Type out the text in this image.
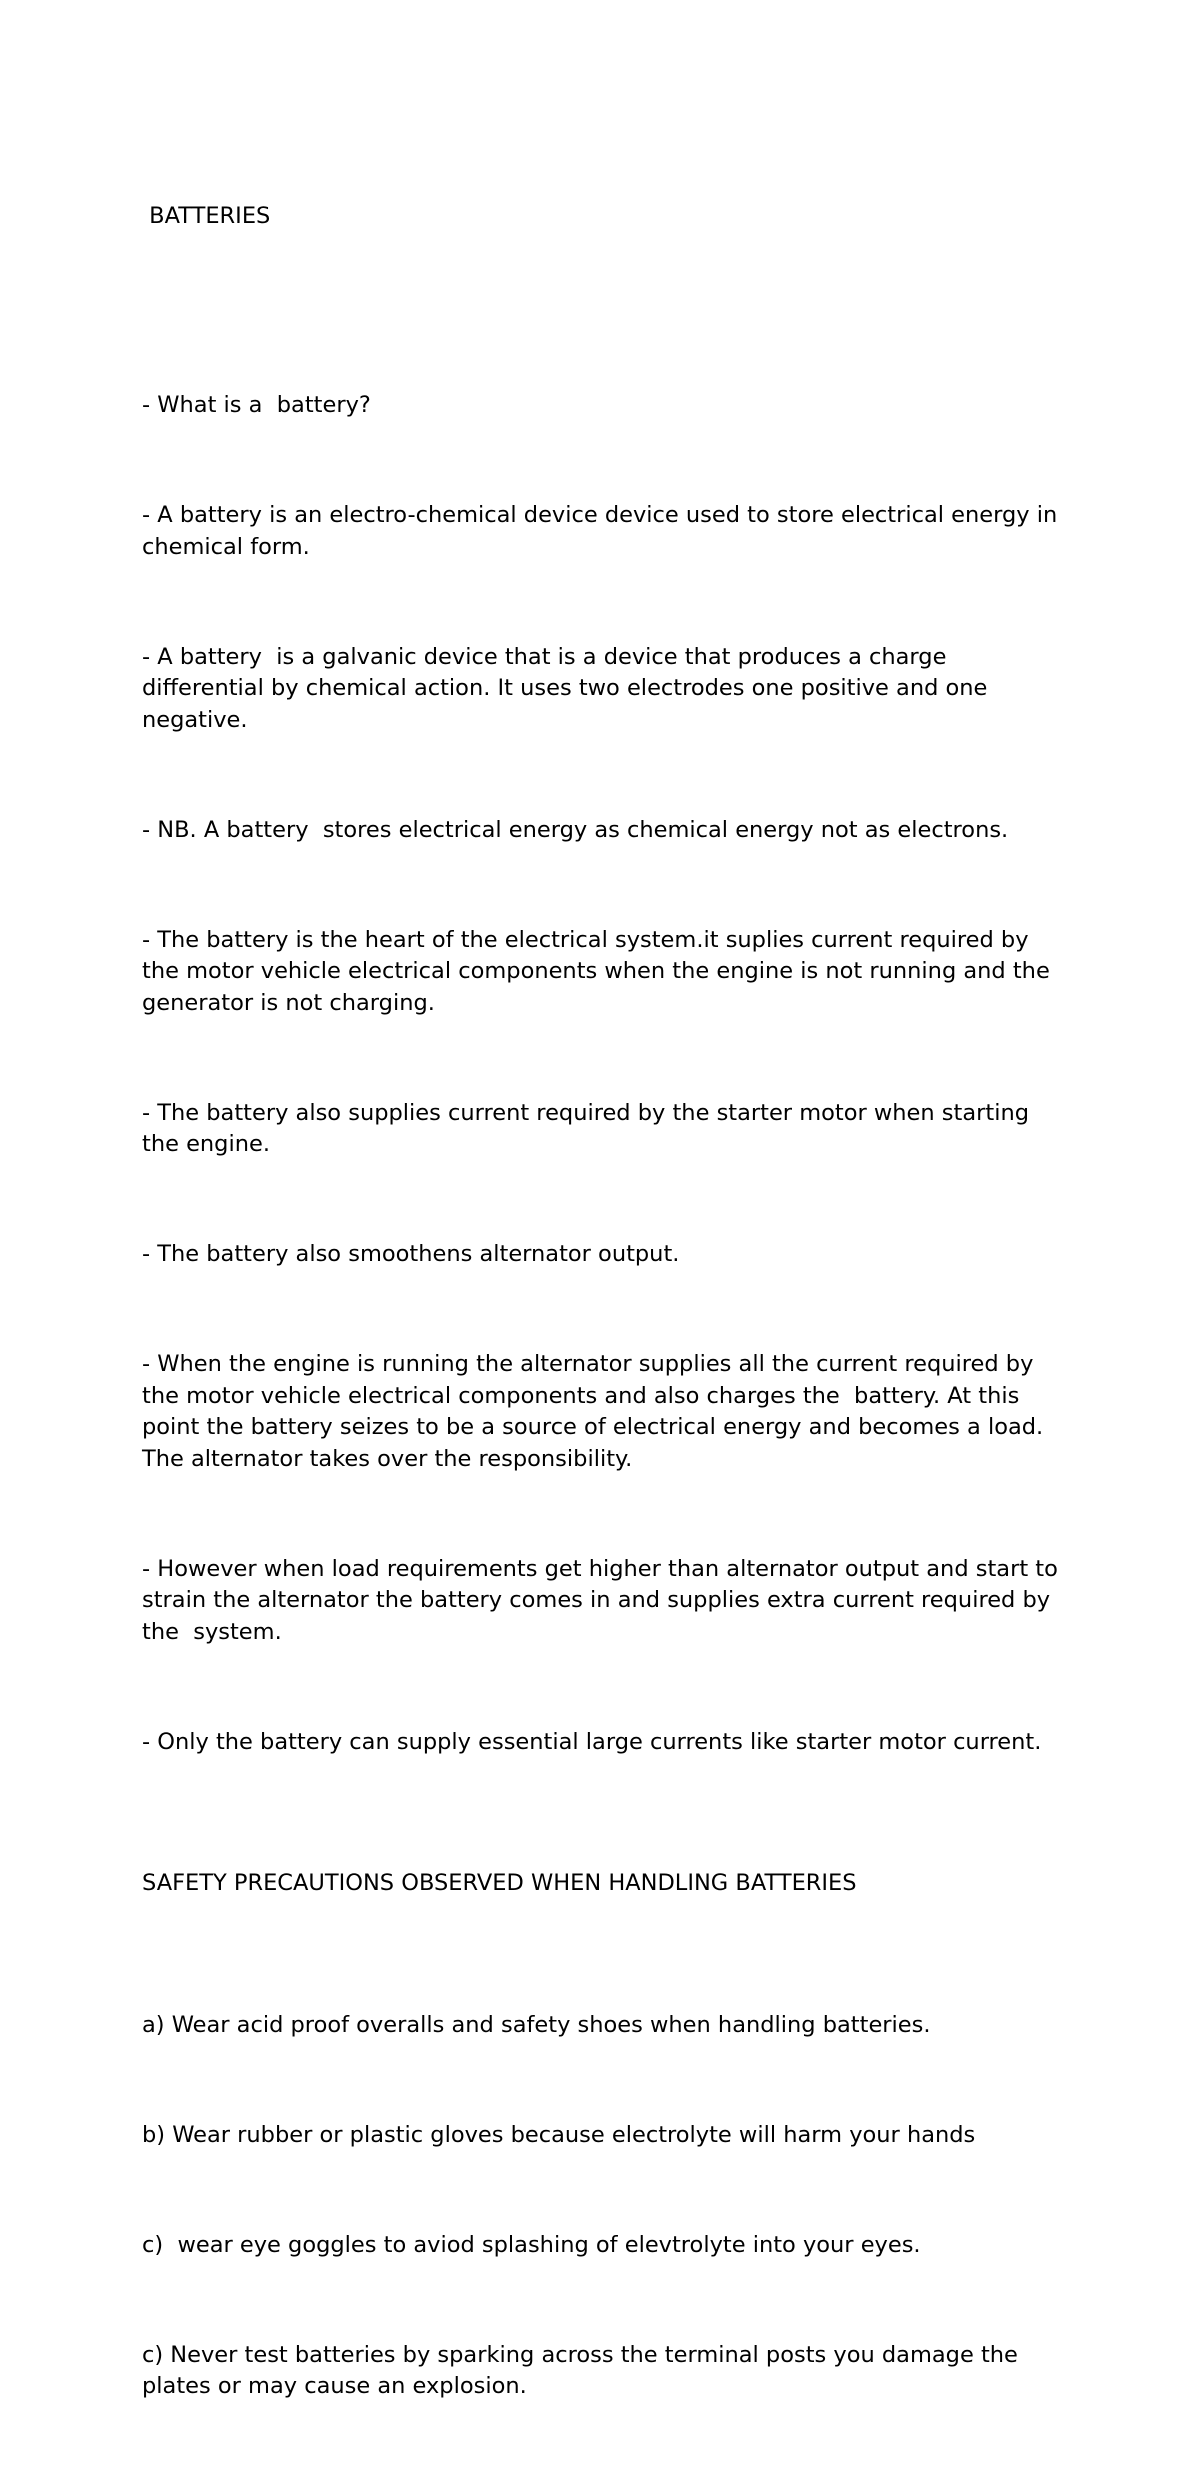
BATTERIES

- What is a  battery?

- A battery is an electro-chemical device device used to store electrical energy in chemical form.

- A battery  is a galvanic device that is a device that produces a charge differential by chemical action. It uses two electrodes one positive and one negative.

- NB. A battery  stores electrical energy as chemical energy not as electrons.

- The battery is the heart of the electrical system.it suplies current required by the motor vehicle electrical components when the engine is not running and the generator is not charging.

- The battery also supplies current required by the starter motor when starting the engine.

- The battery also smoothens alternator output.

- When the engine is running the alternator supplies all the current required by the motor vehicle electrical components and also charges the  battery. At this point the battery seizes to be a source of electrical energy and becomes a load. The alternator takes over the responsibility.

- However when load requirements get higher than alternator output and start to strain the alternator the battery comes in and supplies extra current required by the  system.

- Only the battery can supply essential large currents like starter motor current.

SAFETY PRECAUTIONS OBSERVED WHEN HANDLING BATTERIES

a) Wear acid proof overalls and safety shoes when handling batteries.

b) Wear rubber or plastic gloves because electrolyte will harm your hands

c)  wear eye goggles to aviod splashing of elevtrolyte into your eyes.

c) Never test batteries by sparking across the terminal posts you damage the plates or may cause an explosion.
